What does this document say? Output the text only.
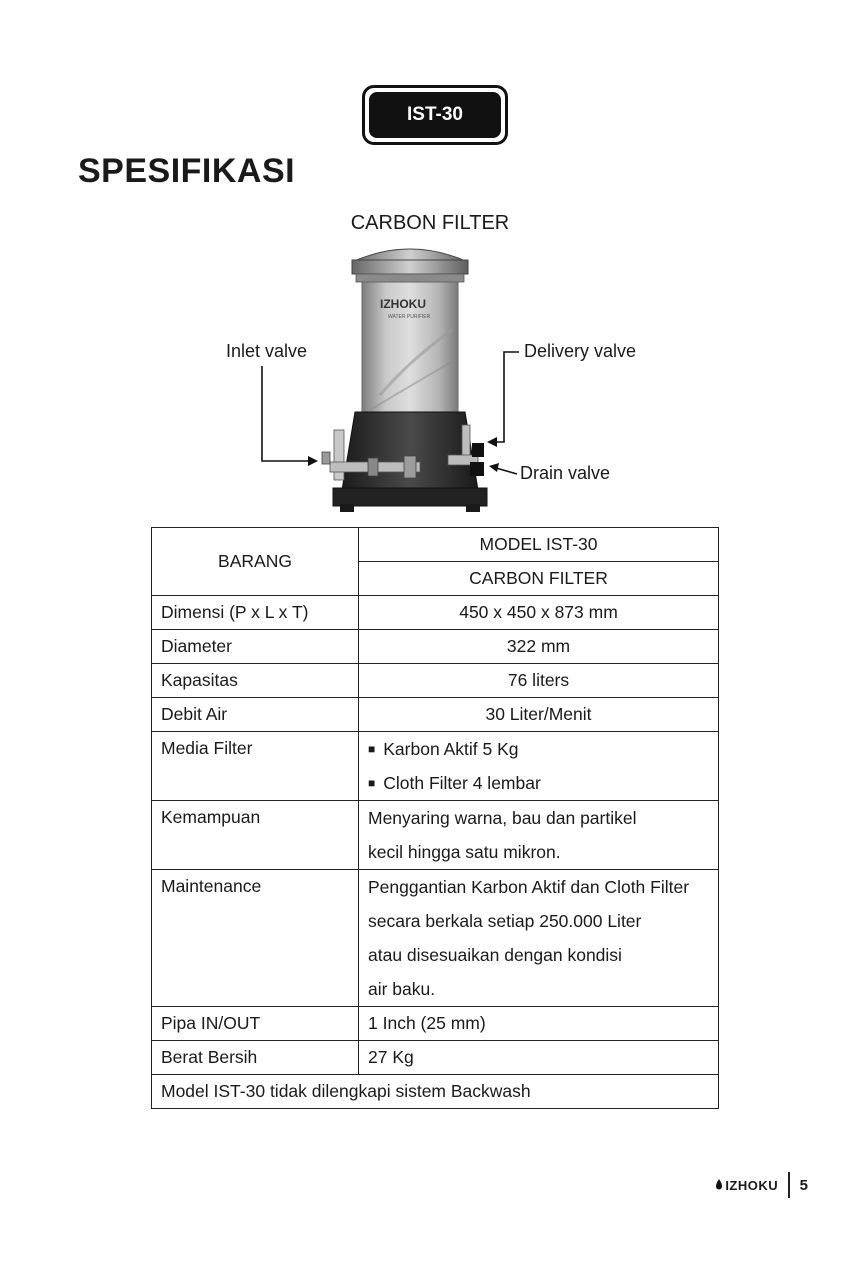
IST-30
SPESIFIKASI
CARBON FILTER
IZHOKU
WATER PURIFIER
Inlet valve	Delivery valve
Drain valve
BARANG	MODEL IST-30
	CARBON FILTER
Dimensi (P x L x T)	450 x 450 x 873 mm
Diameter	322 mm
Kapasitas	76 liters
Debit Air	30 Liter/Menit
Media Filter	■ Karbon Aktif 5 Kg
■ Cloth Filter 4 lembar

Kemampuan	Menyaring warna, bau dan partikel
kecil hingga satu mikron.

Maintenance	Penggantian Karbon Aktif dan Cloth Filter
secara berkala setiap 250.000 Liter
atau disesuaikan dengan kondisi
air baku.

Pipa IN/OUT	1 Inch (25 mm)
Berat Bersih	27 Kg
Model IST-30 tidak dilengkapi sistem Backwash	
IZHOKU 5
